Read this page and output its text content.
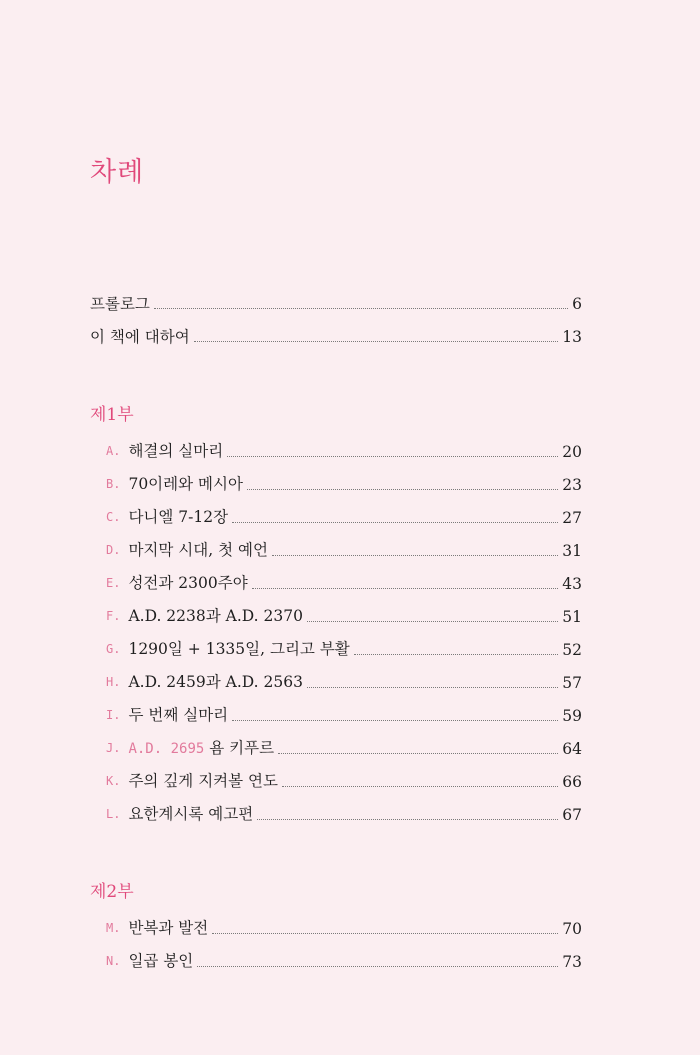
차례
프롤로그	6
이 책에 대하여	13
제1부
A. 해결의 실마리	20
B. 70이레와 메시아	23
C. 다니엘 7-12장	27
D. 마지막 시대, 첫 예언	31
E. 성전과 2300주야	43
F. A.D. 2238과 A.D. 2370	51
G. 1290일 + 1335일, 그리고 부활	52
H. A.D. 2459과 A.D. 2563	57
I. 두 번째 실마리	59
J. A.D. 2695 욤 키푸르	64
K. 주의 깊게 지켜볼 연도	66
L. 요한계시록 예고편	67
제2부
M. 반복과 발전	70
N. 일곱 봉인	73
